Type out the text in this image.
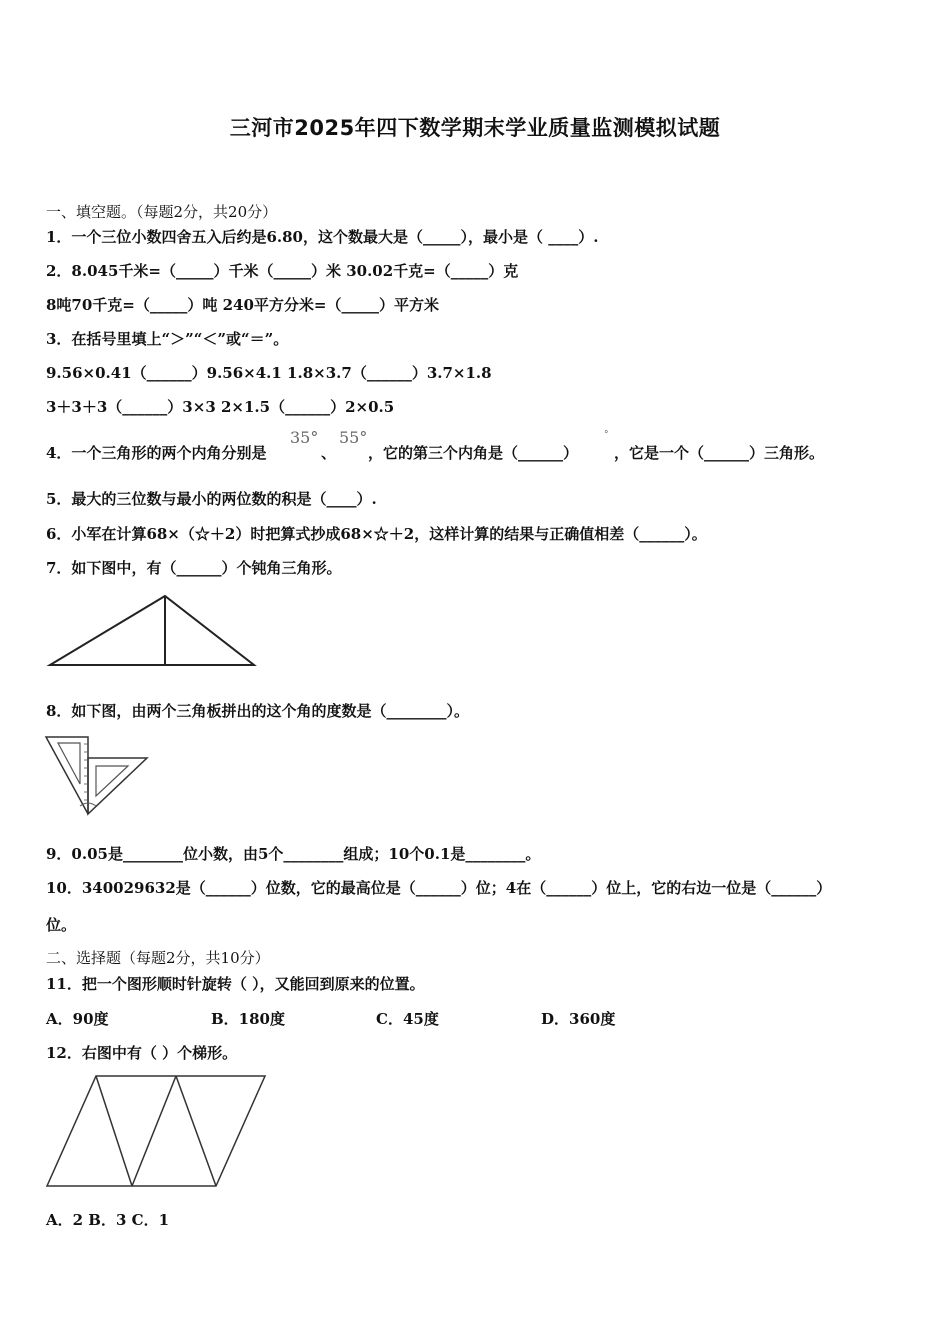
三河市2025年四下数学期末学业质量监测模拟试题
一、填空题。（每题2分，共20分）
1．一个三位小数四舍五入后约是6.80，这个数最大是（_____），最小是（ ____）.
2．8.045千米=（_____）千米（_____）米 30.02千克=（_____）克
8吨70千克=（_____）吨 240平方分米=（_____）平方米
3．在括号里填上“＞”“＜”或“＝”。
9.56×0.41（______）9.56×4.1 1.8×3.7（______）3.7×1.8
3＋3＋3（______）3×3 2×1.5（______）2×0.5
4．一个三角形的两个内角分别是
35°
、
55°
，它的第三个内角是（______）
°
，它是一个（______）三角形。
5．最大的三位数与最小的两位数的积是（____）.
6．小军在计算68×（☆＋2）时把算式抄成68×☆＋2，这样计算的结果与正确值相差（______）。
7．如下图中，有（______）个钝角三角形。
8．如下图，由两个三角板拼出的这个角的度数是（________）。
9．0.05是________位小数，由5个________组成；10个0.1是________。
10．340029632是（______）位数，它的最高位是（______）位；4在（______）位上，它的右边一位是（______）
位。
二、选择题（每题2分，共10分）
11．把一个图形顺时针旋转（ ），又能回到原来的位置。
A．90度	B．180度	C．45度	D．360度
12．右图中有（ ）个梯形。
A．2 B．3 C．1
